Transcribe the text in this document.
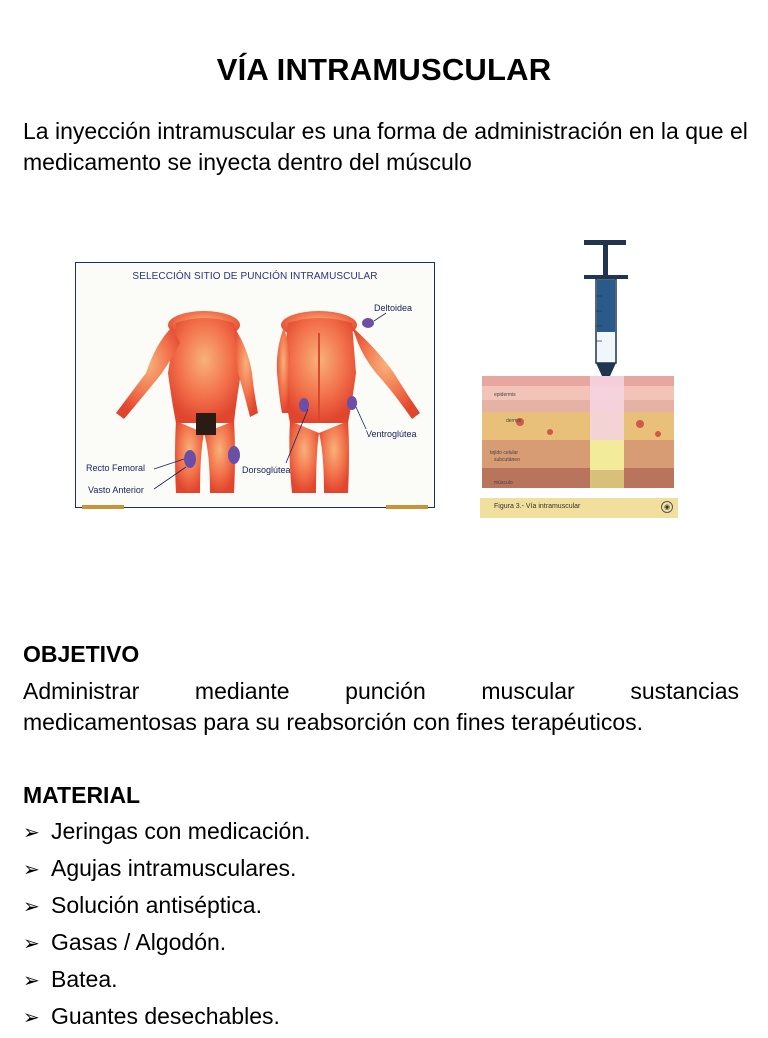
VÍA INTRAMUSCULAR
La inyección intramuscular es una forma de administración en la que el medicamento se inyecta dentro del músculo
SELECCIÓN SITIO DE PUNCIÓN INTRAMUSCULAR
Deltoidea
Ventroglútea
Dorsoglútea
Recto Femoral
Vasto Anterior
epidermis
dermis
tejido celular
subcutáneo
músculo
Figura 3.- Vía intramuscular	◉
OBJETIVO
Administrar mediante punción muscular sustancias
medicamentosas para su reabsorción con fines terapéuticos.
MATERIAL
➢ Jeringas con medicación.
➢ Agujas intramusculares.
➢ Solución antiséptica.
➢ Gasas / Algodón.
➢ Batea.
➢ Guantes desechables.
